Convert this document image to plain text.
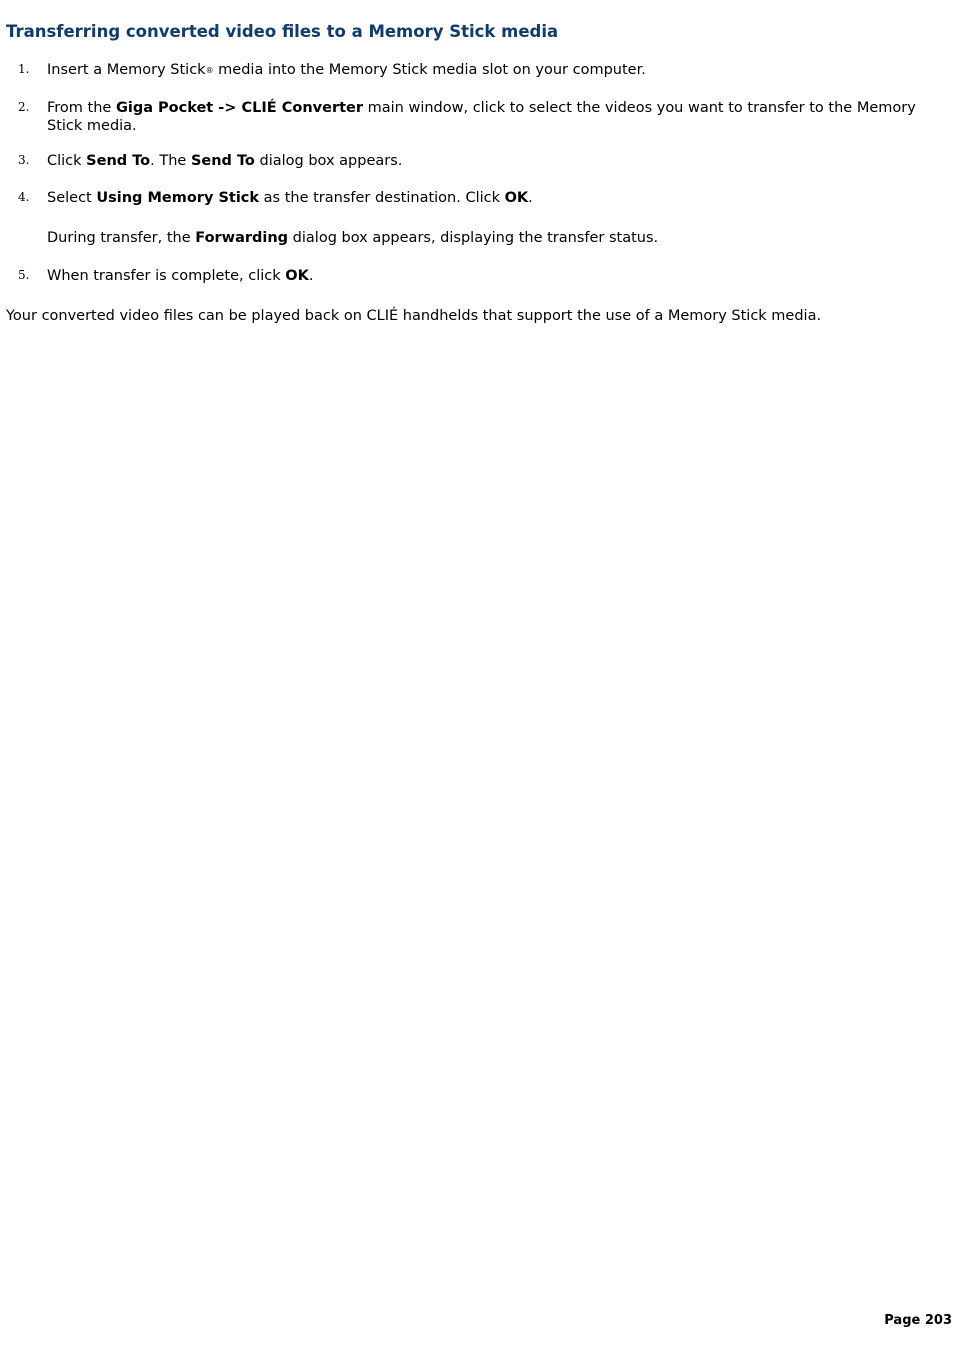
Transferring converted video files to a Memory Stick media
1. Insert a Memory Stick® media into the Memory Stick media slot on your computer.
2. From the Giga Pocket -> CLIÉ Converter main window, click to select the videos you want to transfer to the Memory Stick media.
3. Click Send To. The Send To dialog box appears.
4. Select Using Memory Stick as the transfer destination. Click OK.
During transfer, the Forwarding dialog box appears, displaying the transfer status.
5. When transfer is complete, click OK.

Your converted video files can be played back on CLIÉ handhelds that support the use of a Memory Stick media.

Page 203
